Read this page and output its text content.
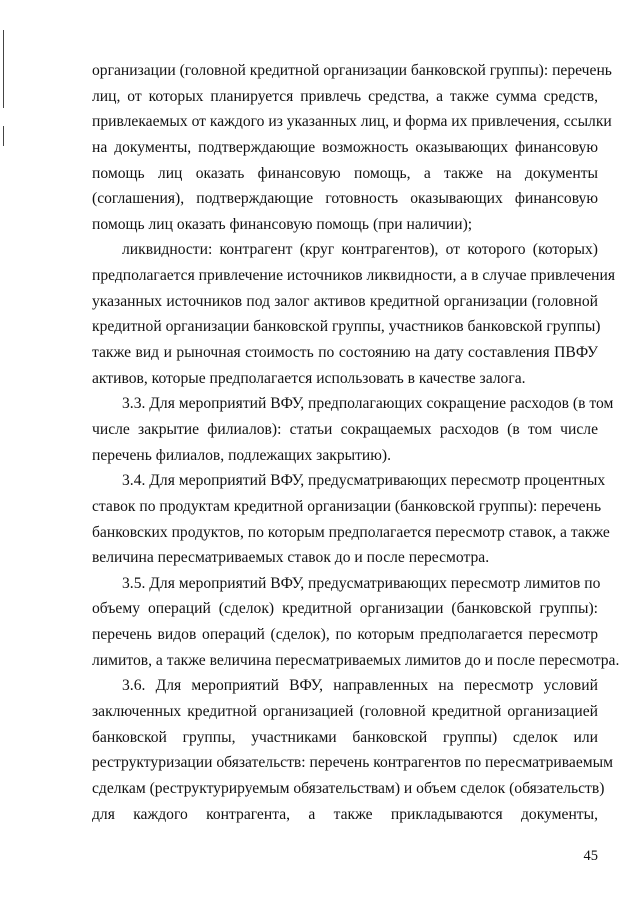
организации (головной кредитной организации банковской группы): перечень
лиц, от которых планируется привлечь средства, а также сумма средств,
привлекаемых от каждого из указанных лиц, и форма их привлечения, ссылки
на документы, подтверждающие возможность оказывающих финансовую
помощь лиц оказать финансовую помощь, а также на документы
(соглашения), подтверждающие готовность оказывающих финансовую
помощь лиц оказать финансовую помощь (при наличии);
ликвидности: контрагент (круг контрагентов), от которого (которых)
предполагается привлечение источников ликвидности, а в случае привлечения
указанных источников под залог активов кредитной организации (головной
кредитной организации банковской группы, участников банковской группы)
также вид и рыночная стоимость по состоянию на дату составления ПВФУ
активов, которые предполагается использовать в качестве залога.
3.3. Для мероприятий ВФУ, предполагающих сокращение расходов (в том
числе закрытие филиалов): статьи сокращаемых расходов (в том числе
перечень филиалов, подлежащих закрытию).
3.4. Для мероприятий ВФУ, предусматривающих пересмотр процентных
ставок по продуктам кредитной организации (банковской группы): перечень
банковских продуктов, по которым предполагается пересмотр ставок, а также
величина пересматриваемых ставок до и после пересмотра.
3.5. Для мероприятий ВФУ, предусматривающих пересмотр лимитов по
объему операций (сделок) кредитной организации (банковской группы):
перечень видов операций (сделок), по которым предполагается пересмотр
лимитов, а также величина пересматриваемых лимитов до и после пересмотра.
3.6. Для мероприятий ВФУ, направленных на пересмотр условий
заключенных кредитной организацией (головной кредитной организацией
банковской группы, участниками банковской группы) сделок или
реструктуризации обязательств: перечень контрагентов по пересматриваемым
сделкам (реструктурируемым обязательствам) и объем сделок (обязательств)
для каждого контрагента, а также прикладываются документы,
45
